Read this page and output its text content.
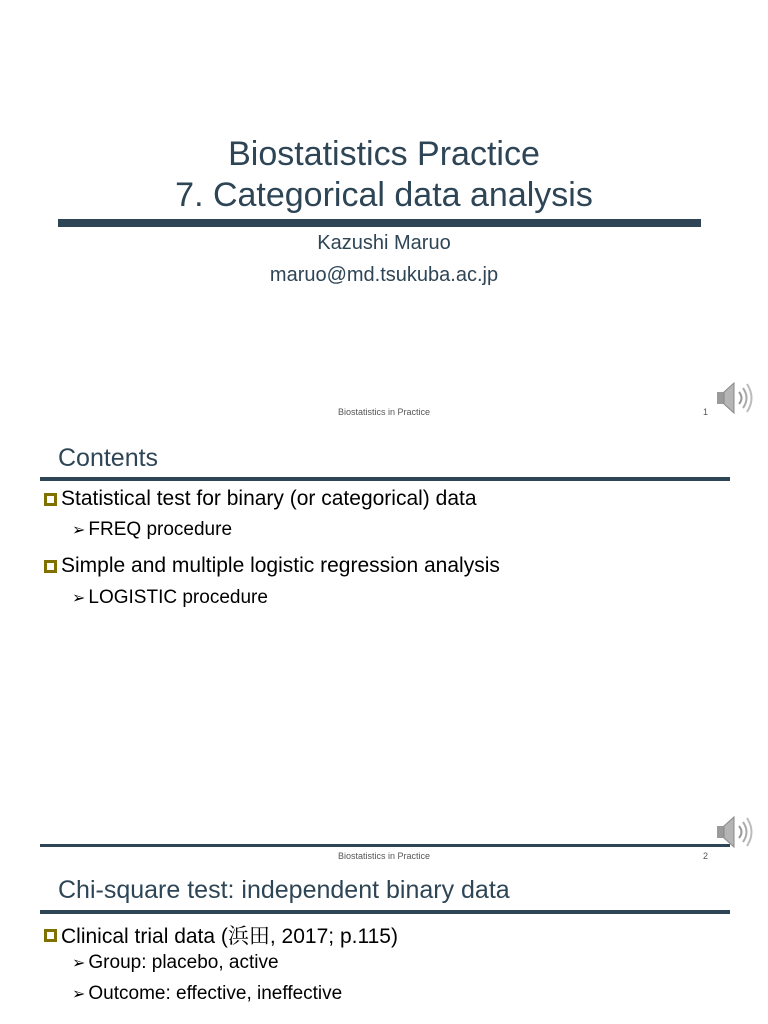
Biostatistics Practice
7. Categorical data analysis
Kazushi Maruo
maruo@md.tsukuba.ac.jp
Biostatistics in Practice	1
Contents
Statistical test for binary (or categorical) data
➢ FREQ procedure
Simple and multiple logistic regression analysis
➢ LOGISTIC procedure
Biostatistics in Practice	2
Chi-square test: independent binary data
Clinical trial data (浜田, 2017; p.115)
➢ Group: placebo, active
➢ Outcome: effective, ineffective
